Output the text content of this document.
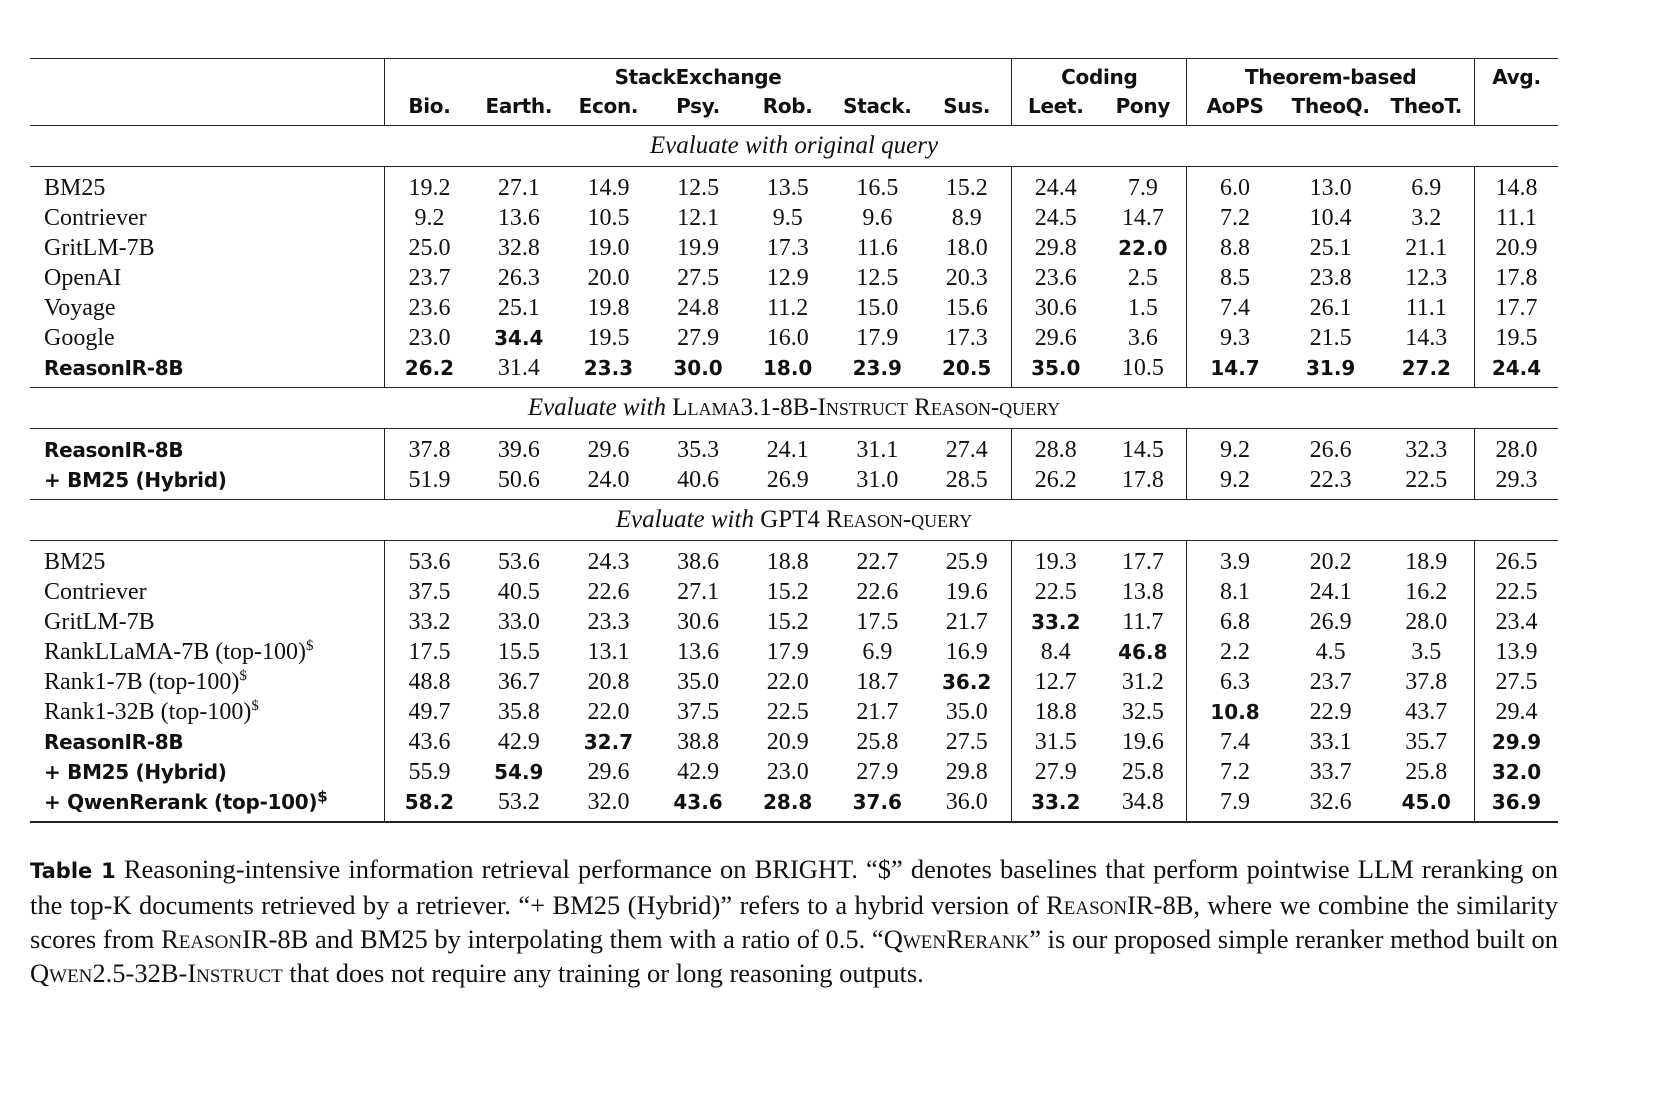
	StackExchange							Coding		Theorem-based			Avg.
	Bio.	Earth.	Econ.	Psy.	Rob.	Stack.	Sus.	Leet.	Pony	AoPS	TheoQ.	TheoT.	
Evaluate with original query													
BM25	19.2	27.1	14.9	12.5	13.5	16.5	15.2	24.4	7.9	6.0	13.0	6.9	14.8
Contriever	9.2	13.6	10.5	12.1	9.5	9.6	8.9	24.5	14.7	7.2	10.4	3.2	11.1
GritLM-7B	25.0	32.8	19.0	19.9	17.3	11.6	18.0	29.8	22.0	8.8	25.1	21.1	20.9
OpenAI	23.7	26.3	20.0	27.5	12.9	12.5	20.3	23.6	2.5	8.5	23.8	12.3	17.8
Voyage	23.6	25.1	19.8	24.8	11.2	15.0	15.6	30.6	1.5	7.4	26.1	11.1	17.7
Google	23.0	34.4	19.5	27.9	16.0	17.9	17.3	29.6	3.6	9.3	21.5	14.3	19.5
ReasonIR-8B	26.2	31.4	23.3	30.0	18.0	23.9	20.5	35.0	10.5	14.7	31.9	27.2	24.4
Evaluate with Llama3.1-8B-Instruct Reason-query													
ReasonIR-8B	37.8	39.6	29.6	35.3	24.1	31.1	27.4	28.8	14.5	9.2	26.6	32.3	28.0
+ BM25 (Hybrid)	51.9	50.6	24.0	40.6	26.9	31.0	28.5	26.2	17.8	9.2	22.3	22.5	29.3
Evaluate with GPT4 Reason-query													
BM25	53.6	53.6	24.3	38.6	18.8	22.7	25.9	19.3	17.7	3.9	20.2	18.9	26.5
Contriever	37.5	40.5	22.6	27.1	15.2	22.6	19.6	22.5	13.8	8.1	24.1	16.2	22.5
GritLM-7B	33.2	33.0	23.3	30.6	15.2	17.5	21.7	33.2	11.7	6.8	26.9	28.0	23.4
RankLLaMA-7B (top-100)$	17.5	15.5	13.1	13.6	17.9	6.9	16.9	8.4	46.8	2.2	4.5	3.5	13.9
Rank1-7B (top-100)$	48.8	36.7	20.8	35.0	22.0	18.7	36.2	12.7	31.2	6.3	23.7	37.8	27.5
Rank1-32B (top-100)$	49.7	35.8	22.0	37.5	22.5	21.7	35.0	18.8	32.5	10.8	22.9	43.7	29.4
ReasonIR-8B	43.6	42.9	32.7	38.8	20.9	25.8	27.5	31.5	19.6	7.4	33.1	35.7	29.9
+ BM25 (Hybrid)	55.9	54.9	29.6	42.9	23.0	27.9	29.8	27.9	25.8	7.2	33.7	25.8	32.0
+ QwenRerank (top-100)$	58.2	53.2	32.0	43.6	28.8	37.6	36.0	33.2	34.8	7.9	32.6	45.0	36.9
Table 1 Reasoning-intensive information retrieval performance on BRIGHT. “$” denotes baselines that perform pointwise LLM reranking on the top-K documents retrieved by a retriever. “+ BM25 (Hybrid)” refers to a hybrid version of ReasonIR-8B, where we combine the similarity scores from ReasonIR-8B and BM25 by interpolating them with a ratio of 0.5. “QwenRerank” is our proposed simple reranker method built on Qwen2.5-32B-Instruct that does not require any training or long reasoning outputs.
